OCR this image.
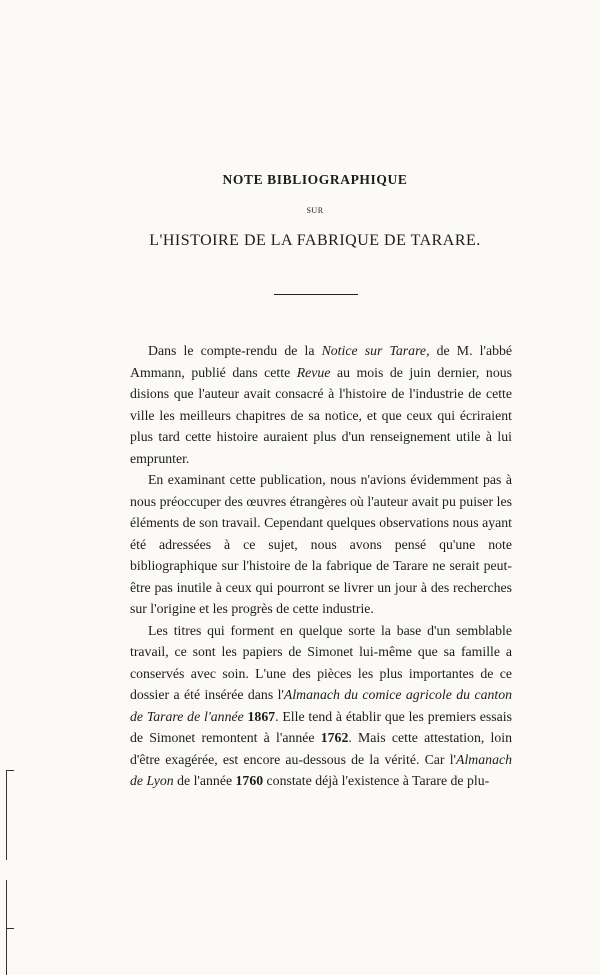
NOTE BIBLIOGRAPHIQUE
SUR
L'HISTOIRE DE LA FABRIQUE DE TARARE.

Dans le compte-rendu de la Notice sur Tarare, de M. l'abbé Ammann, publié dans cette Revue au mois de juin dernier, nous disions que l'auteur avait consacré à l'histoire de l'industrie de cette ville les meilleurs chapitres de sa notice, et que ceux qui écriraient plus tard cette histoire auraient plus d'un renseignement utile à lui emprunter.

En examinant cette publication, nous n'avions évidemment pas à nous préoccuper des œuvres étrangères où l'auteur avait pu puiser les éléments de son travail. Cependant quelques observations nous ayant été adressées à ce sujet, nous avons pensé qu'une note bibliographique sur l'histoire de la fabrique de Tarare ne serait peut-être pas inutile à ceux qui pourront se livrer un jour à des recherches sur l'origine et les progrès de cette industrie.

Les titres qui forment en quelque sorte la base d'un semblable travail, ce sont les papiers de Simonet lui-même que sa famille a conservés avec soin. L'une des pièces les plus importantes de ce dossier a été insérée dans l'Almanach du comice agricole du canton de Tarare de l'année 1867. Elle tend à établir que les premiers essais de Simonet remontent à l'année 1762. Mais cette attestation, loin d'être exagérée, est encore au-dessous de la vérité. Car l'Almanach de Lyon de l'année 1760 constate déjà l'existence à Tarare de plu-
